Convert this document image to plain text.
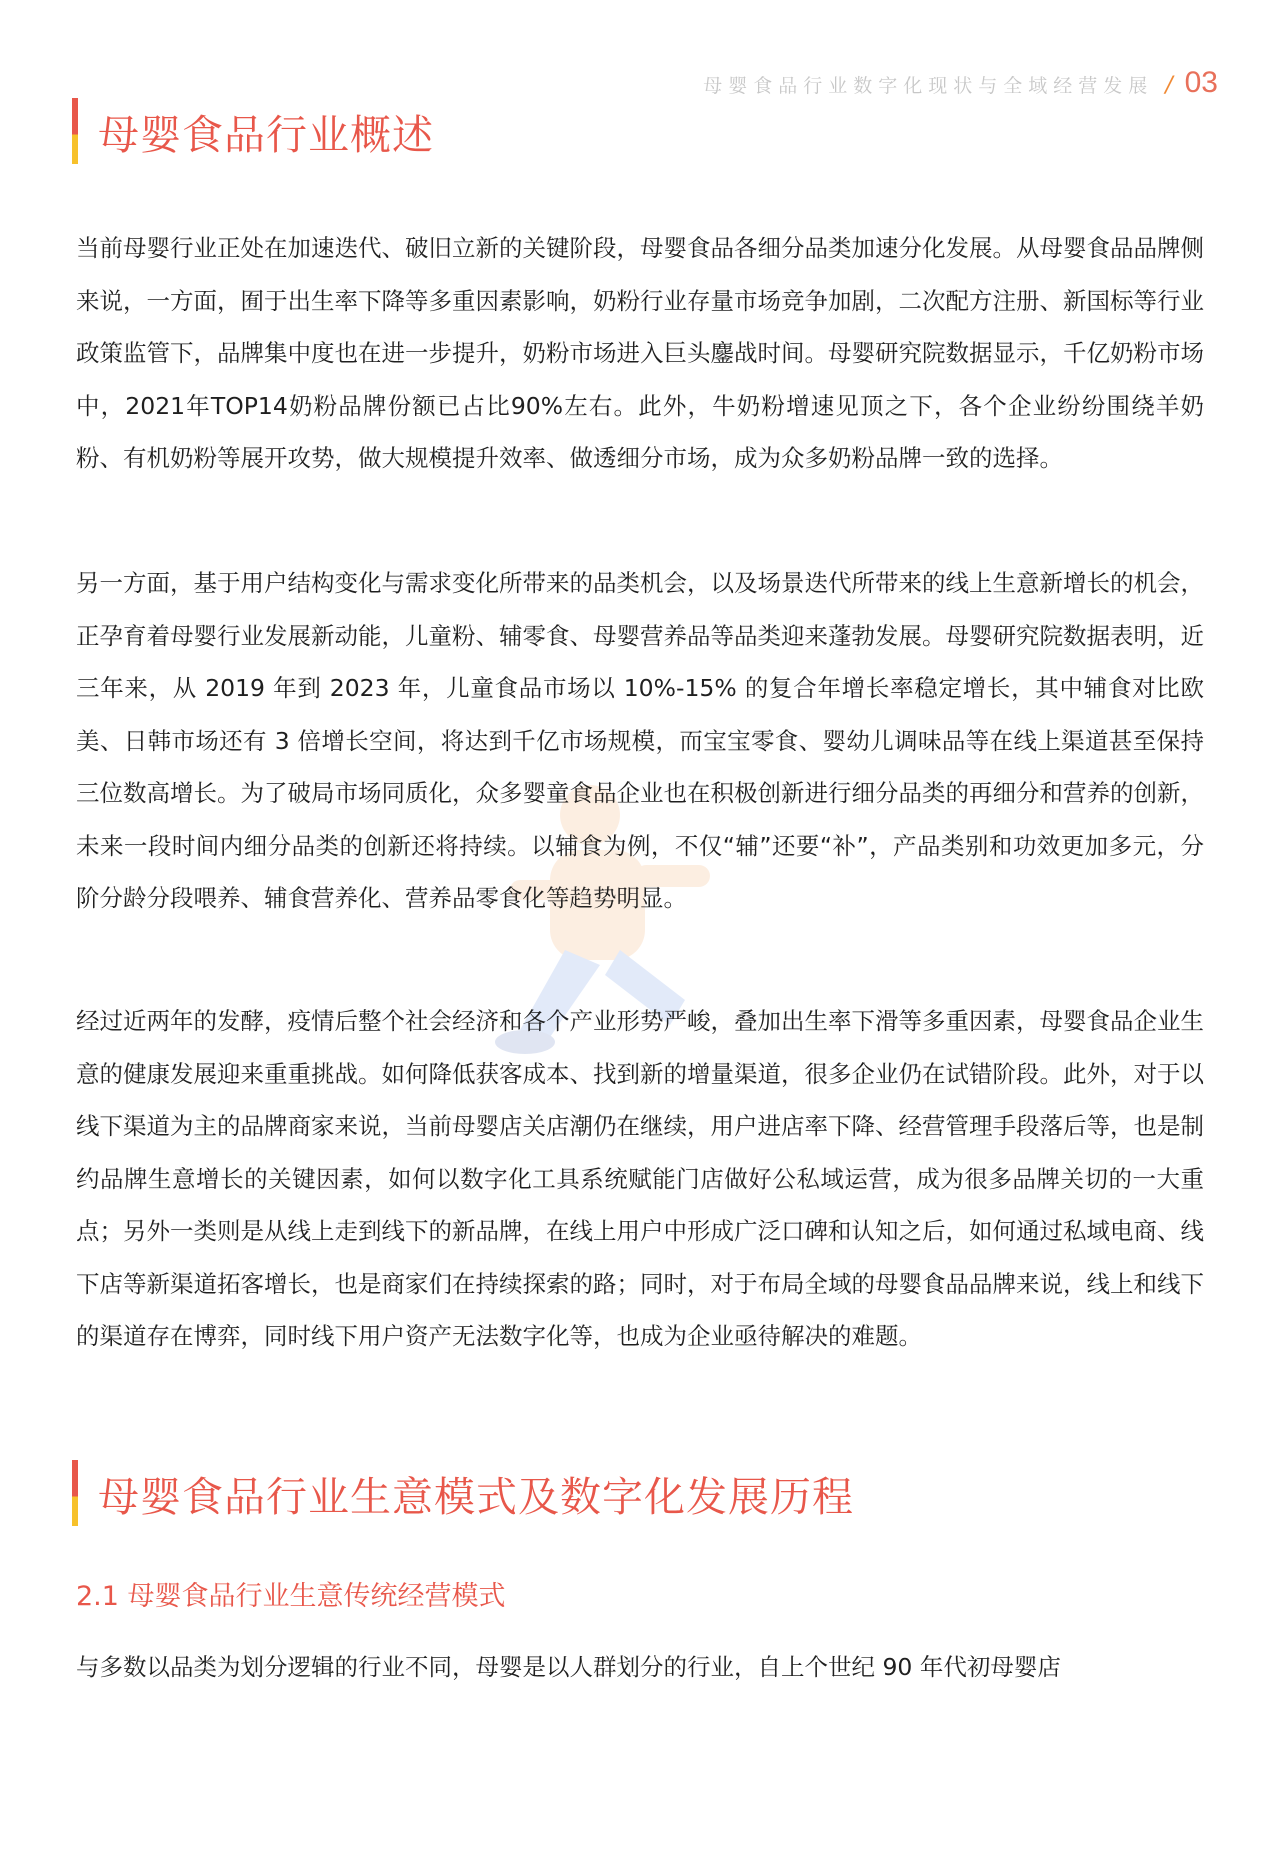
母婴食品行业数字化现状与全域经营发展 / 03
母婴食品行业概述

当前母婴行业正处在加速迭代、破旧立新的关键阶段，母婴食品各细分品类加速分化发展。从母婴食品品牌侧来说，一方面，囿于出生率下降等多重因素影响，奶粉行业存量市场竞争加剧，二次配方注册、新国标等行业政策监管下，品牌集中度也在进一步提升，奶粉市场进入巨头鏖战时间。母婴研究院数据显示，千亿奶粉市场中，2021年TOP14奶粉品牌份额已占比90%左右。此外，牛奶粉增速见顶之下，各个企业纷纷围绕羊奶粉、有机奶粉等展开攻势，做大规模提升效率、做透细分市场，成为众多奶粉品牌一致的选择。

另一方面，基于用户结构变化与需求变化所带来的品类机会，以及场景迭代所带来的线上生意新增长的机会，正孕育着母婴行业发展新动能，儿童粉、辅零食、母婴营养品等品类迎来蓬勃发展。母婴研究院数据表明，近三年来，从 2019 年到 2023 年，儿童食品市场以 10%-15% 的复合年增长率稳定增长，其中辅食对比欧美、日韩市场还有 3 倍增长空间，将达到千亿市场规模，而宝宝零食、婴幼儿调味品等在线上渠道甚至保持三位数高增长。为了破局市场同质化，众多婴童食品企业也在积极创新进行细分品类的再细分和营养的创新，未来一段时间内细分品类的创新还将持续。以辅食为例，不仅“辅”还要“补”，产品类别和功效更加多元，分阶分龄分段喂养、辅食营养化、营养品零食化等趋势明显。

经过近两年的发酵，疫情后整个社会经济和各个产业形势严峻，叠加出生率下滑等多重因素，母婴食品企业生意的健康发展迎来重重挑战。如何降低获客成本、找到新的增量渠道，很多企业仍在试错阶段。此外，对于以线下渠道为主的品牌商家来说，当前母婴店关店潮仍在继续，用户进店率下降、经营管理手段落后等，也是制约品牌生意增长的关键因素，如何以数字化工具系统赋能门店做好公私域运营，成为很多品牌关切的一大重点；另外一类则是从线上走到线下的新品牌，在线上用户中形成广泛口碑和认知之后，如何通过私域电商、线下店等新渠道拓客增长，也是商家们在持续探索的路；同时，对于布局全域的母婴食品品牌来说，线上和线下的渠道存在博弈，同时线下用户资产无法数字化等，也成为企业亟待解决的难题。

母婴食品行业生意模式及数字化发展历程
2.1 母婴食品行业生意传统经营模式

与多数以品类为划分逻辑的行业不同，母婴是以人群划分的行业，自上个世纪 90 年代初母婴店
